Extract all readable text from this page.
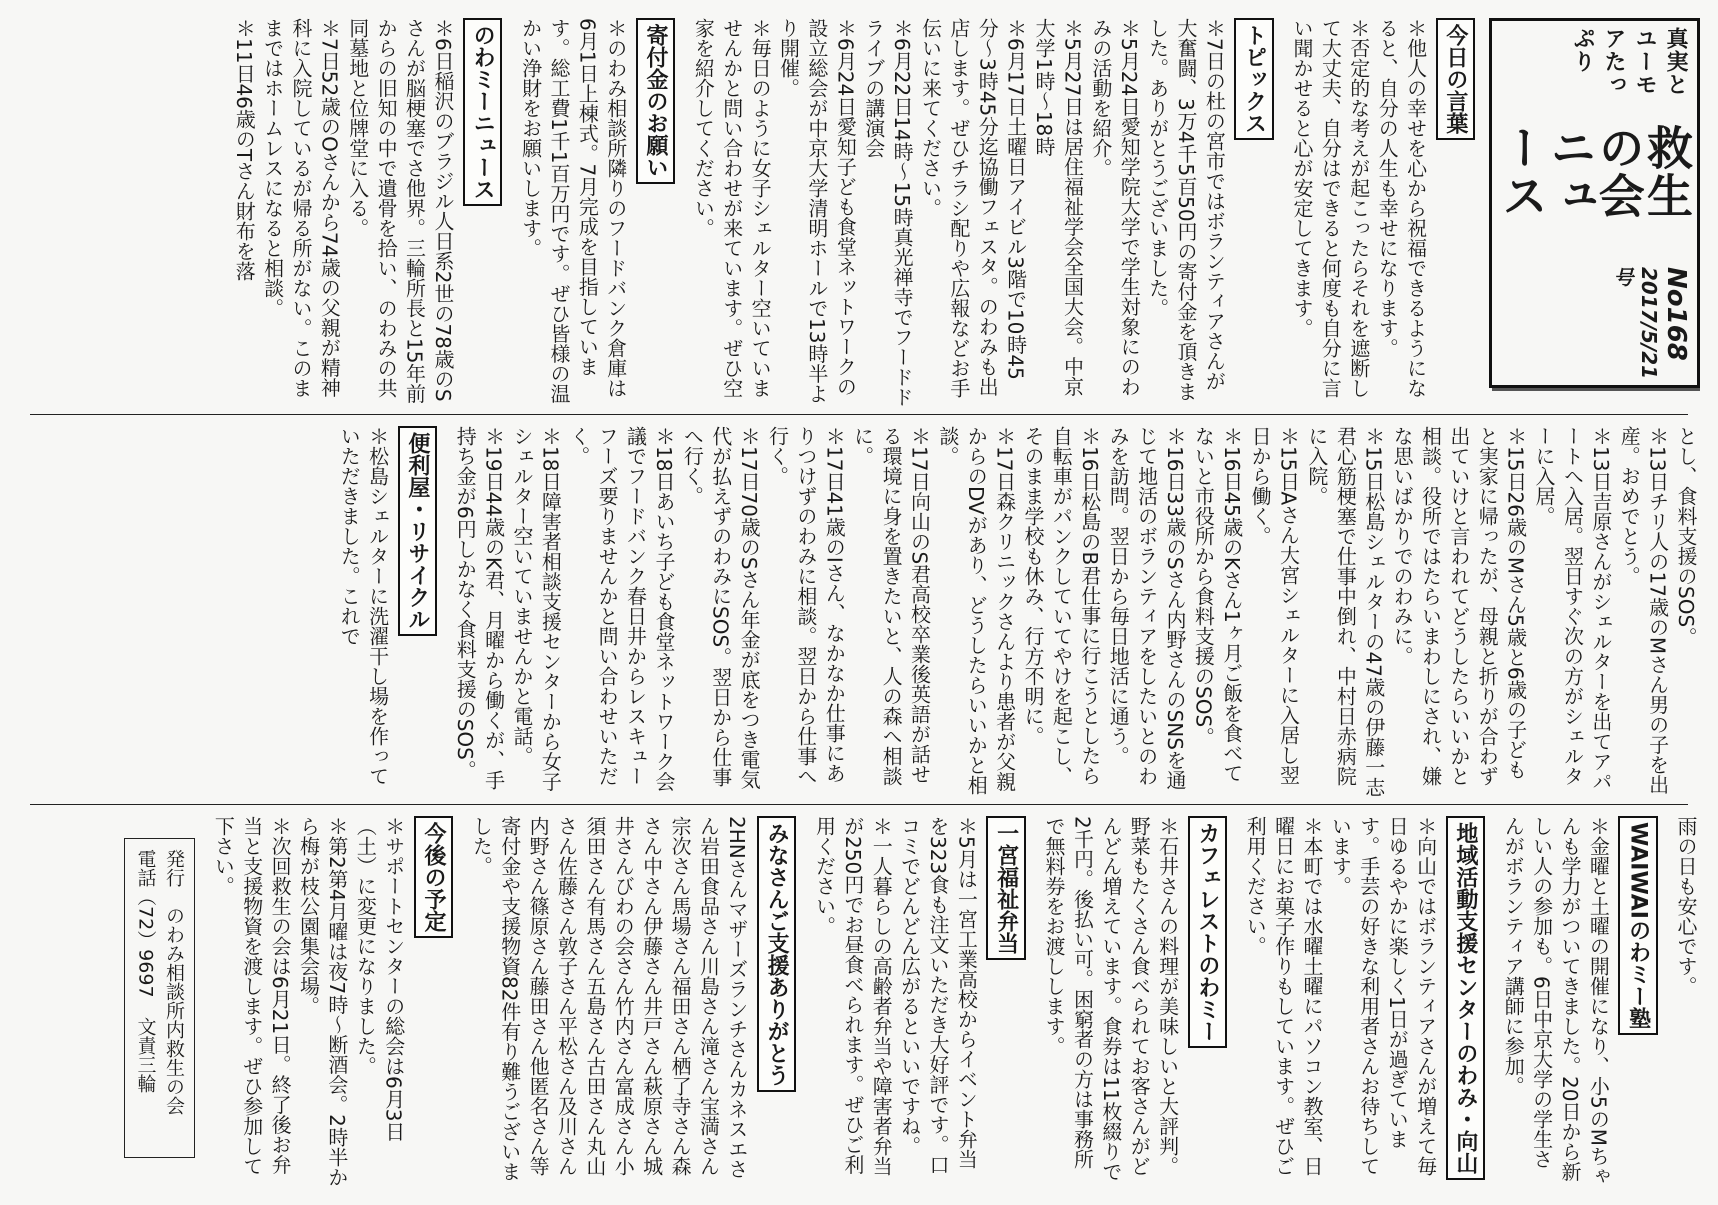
真実とユーモアたっぷり
救生の会ニュース
No168 2017/5/21号
今日の言葉

＊他人の幸せを心から祝福できるようになると、自分の人生も幸せになります。

＊否定的な考えが起こったらそれを遮断して大丈夫、自分はできると何度も自分に言い聞かせると心が安定してきます。

トピックス

＊7日の杜の宮市ではボランティアさんが大奮闘、3万4千5百50円の寄付金を頂きました。ありがとうございました。

＊5月24日愛知学院大学で学生対象にのわみの活動を紹介。

＊5月27日は居住福祉学会全国大会。中京大学1時〜18時

＊6月17日土曜日アイビル3階で10時45分〜3時45分迄協働フェスタ。のわみも出店します。ぜひチラシ配りや広報などお手伝いに来てください。

＊6月22日14時〜15時真光禅寺でフードドライブの講演会

＊6月24日愛知子ども食堂ネットワークの設立総会が中京大学清明ホールで13時半より開催。

＊毎日のように女子シェルター空いていませんかと問い合わせが来ています。ぜひ空家を紹介してください。

寄付金のお願い

＊のわみ相談所隣りのフードバンク倉庫は6月1日上棟式。7月完成を目指しています。総工費1千1百万円です。ぜひ皆様の温かい浄財をお願いします。

のわミーニュース

＊6日稲沢のブラジル人日系2世の78歳のSさんが脳梗塞でさ他界。三輪所長と15年前からの旧知の中で遺骨を拾い、のわみの共同墓地と位牌堂に入る。

＊7日52歳のOさんから74歳の父親が精神科に入院しているが帰る所がない。このままではホームレスになると相談。

＊11日46歳のTさん財布を落

とし、食料支援のSOS。

＊13日チリ人の17歳のMさん男の子を出産。おめでとう。

＊13日吉原さんがシェルターを出てアパートへ入居。翌日すぐ次の方がシェルターに入居。

＊15日26歳のMさん5歳と6歳の子どもと実家に帰ったが、母親と折りが合わず出ていけと言われてどうしたらいいかと相談。役所ではたらいまわしにされ、嫌な思いばかりでのわみに。

＊15日松島シェルターの47歳の伊藤一志君心筋梗塞で仕事中倒れ、中村日赤病院に入院。

＊15日Aさん大宮シェルターに入居し翌日から働く。

＊16日45歳のKさん1ヶ月ご飯を食べてないと市役所から食料支援のSOS。

＊16日33歳のSさん内野さんのSNSを通じて地活のボランティアをしたいとのわみを訪問。翌日から毎日地活に通う。

＊16日松島のB君仕事に行こうとしたら自転車がパンクしていてやけを起こし、そのまま学校も休み、行方不明に。

＊17日森クリニックさんより患者が父親からのDVがあり、どうしたらいいかと相談。

＊17日向山のS君高校卒業後英語が話せる環境に身を置きたいと、人の森へ相談に。

＊17日41歳のIさん、なかなか仕事にありつけずのわみに相談。翌日から仕事へ行く。

＊17日70歳のSさん年金が底をつき電気代が払えずのわみにSOS。翌日から仕事へ行く。

＊18日あいち子ども食堂ネットワーク会議でフードバンク春日井からレスキューフーズ要りませんかと問い合わせいただく。

＊18日障害者相談支援センターから女子シェルター空いていませんかと電話。

＊19日44歳のK君、月曜から働くが、手持ち金が6円しかなく食料支援のSOS。

便利屋・リサイクル

＊松島シェルターに洗濯干し場を作っていただきました。これで

雨の日も安心です。

WAIWAIのわミー塾

＊金曜と土曜の開催になり、小5のMちゃんも学力がついてきました。20日から新しい人の参加も。6日中京大学の学生さんがボランティア講師に参加。

地域活動支援センターのわみ・向山

＊向山ではボランティアさんが増えて毎日ゆるやかに楽しく1日が過ぎています。手芸の好きな利用者さんお待ちしています。

＊本町では水曜土曜にパソコン教室、日曜日にお菓子作りもしています。ぜひご利用ください。

カフェレストのわミー

＊石井さんの料理が美味しいと大評判。野菜もたくさん食べられてお客さんがどんどん増えています。食券は11枚綴りで2千円。後払い可。困窮者の方は事務所で無料券をお渡しします。

一宮福祉弁当

＊5月は一宮工業高校からイベント弁当を323食も注文いただき大好評です。口コミでどんどん広がるといいですね。

＊一人暮らしの高齢者弁当や障害者弁当が250円でお昼食べられます。ぜひご利用ください。

みなさんご支援ありがとう

2HNさんマザーズランチさんカネスエさん岩田食品さん川島さん滝さん宝満さん宗次さん馬場さん福田さん栖了寺さん森さん中さん伊藤さん井戸さん萩原さん城井さんびわの会さん竹内さん富成さん小須田さん有馬さん五島さん古田さん丸山さん佐藤さん敦子さん平松さん及川さん内野さん篠原さん藤田さん他匿名さん等寄付金や支援物資82件有り難うございました。

今後の予定

＊サポートセンターの総会は6月3日（土）に変更になりました。

＊第2第4月曜は夜7時〜断酒会。2時半から梅が枝公園集会場。

＊次回救生の会は6月21日。終了後お弁当と支援物資を渡します。ぜひ参加して下さい。

発行　のわみ相談所内救生の会

電話（72）9697　文責三輪
